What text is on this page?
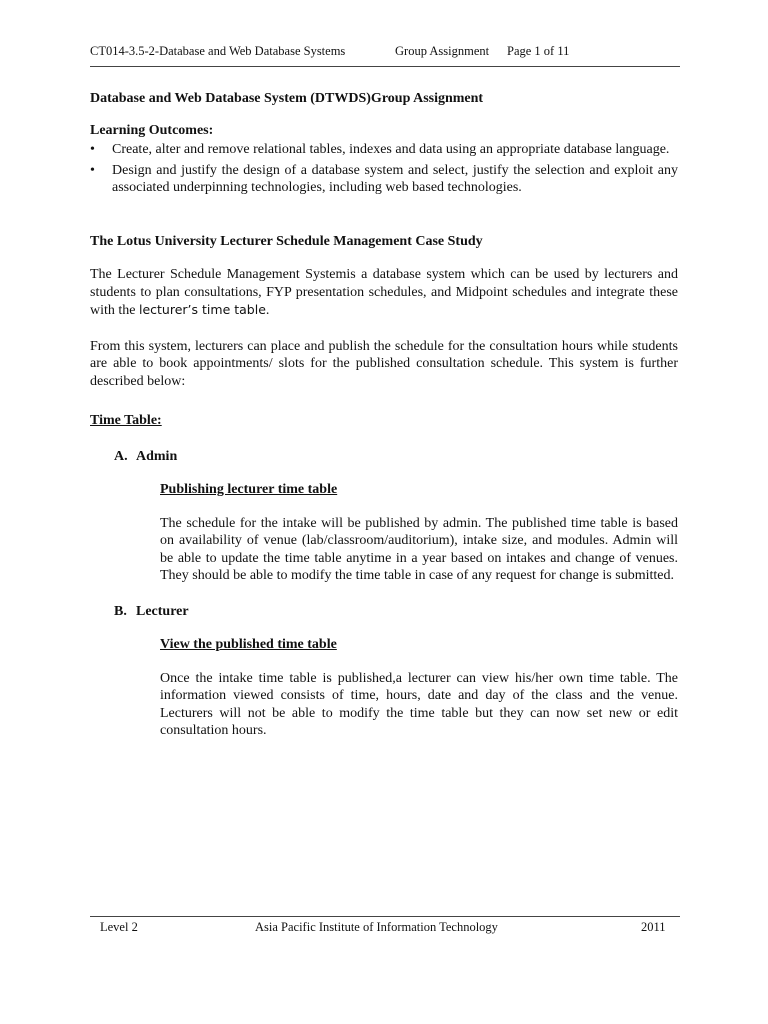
CT014-3.5-2-Database and Web Database Systems	Group Assignment Page 1 of 11

Database and Web Database System (DTWDS)Group Assignment

Learning Outcomes:

• Create, alter and remove relational tables, indexes and data using an appropriate database language.
• Design and justify the design of a database system and select, justify the selection and exploit any associated underpinning technologies, including web based technologies.

The Lotus University Lecturer Schedule Management Case Study

The Lecturer Schedule Management Systemis a database system which can be used by lecturers and students to plan consultations, FYP presentation schedules, and Midpoint schedules and integrate these with the lecturer’s time table.

From this system, lecturers can place and publish the schedule for the consultation hours while students are able to book appointments/ slots for the published consultation schedule. This system is further described below:

Time Table:

A. Admin

Publishing lecturer time table

The schedule for the intake will be published by admin. The published time table is based on availability of venue (lab/classroom/auditorium), intake size, and modules. Admin will be able to update the time table anytime in a year based on intakes and change of venues. They should be able to modify the time table in case of any request for change is submitted.

B. Lecturer

View the published time table

Once the intake time table is published,a lecturer can view his/her own time table. The information viewed consists of time, hours, date and day of the class and the venue. Lecturers will not be able to modify the time table but they can now set new or edit consultation hours.

Level 2	Asia Pacific Institute of Information Technology	2011
